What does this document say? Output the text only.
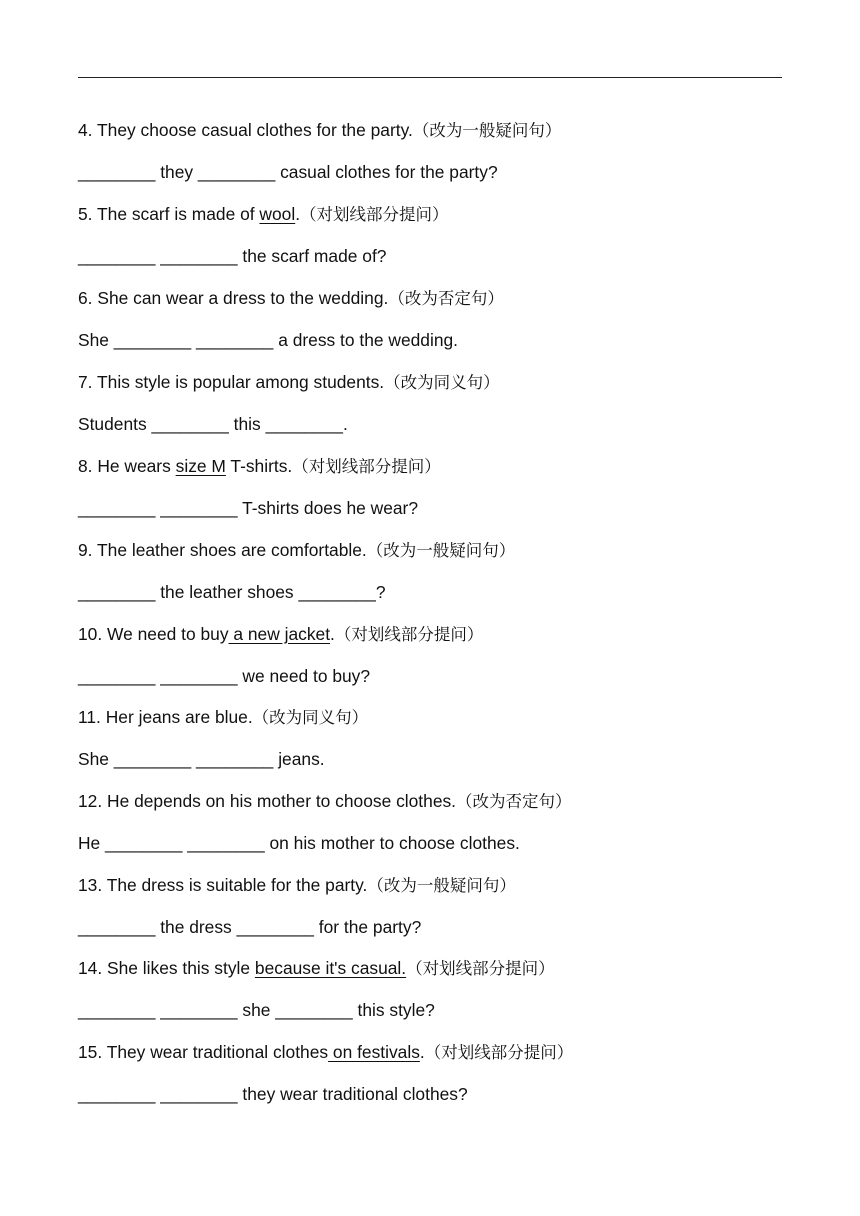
4. They choose casual clothes for the party.（改为一般疑问句）
________ they ________ casual clothes for the party?
5. The scarf is made of wool.（对划线部分提问）
________ ________ the scarf made of?
6. She can wear a dress to the wedding.（改为否定句）
She ________ ________ a dress to the wedding.
7. This style is popular among students.（改为同义句）
Students ________ this ________.
8. He wears size M T-shirts.（对划线部分提问）
________ ________ T-shirts does he wear?
9. The leather shoes are comfortable.（改为一般疑问句）
________ the leather shoes ________?
10. We need to buy a new jacket.（对划线部分提问）
________ ________ we need to buy?
11. Her jeans are blue.（改为同义句）
She ________ ________ jeans.
12. He depends on his mother to choose clothes.（改为否定句）
He ________ ________ on his mother to choose clothes.
13. The dress is suitable for the party.（改为一般疑问句）
________ the dress ________ for the party?
14. She likes this style because it's casual.（对划线部分提问）
________ ________ she ________ this style?
15. They wear traditional clothes on festivals.（对划线部分提问）
________ ________ they wear traditional clothes?
